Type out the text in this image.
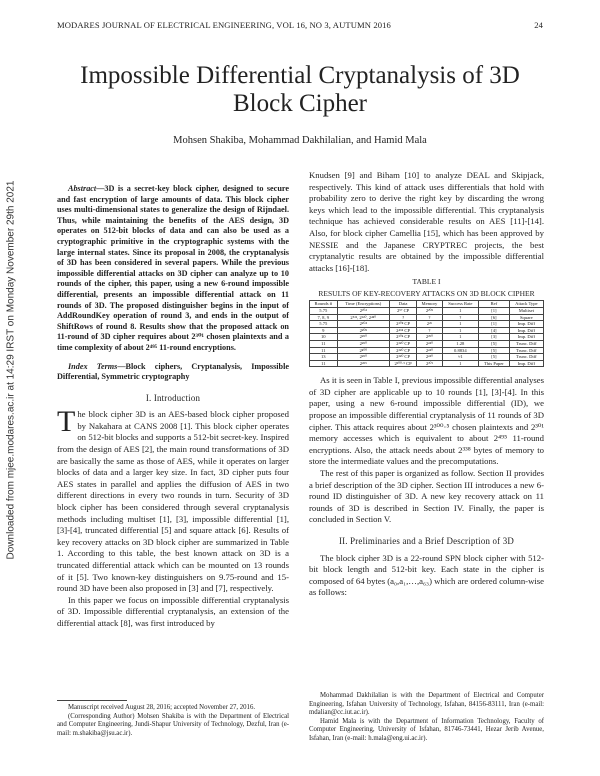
MODARES JOURNAL OF ELECTRICAL ENGINEERING, VOL 16, NO 3, AUTUMN 2016	24
Downloaded from mjee.modares.ac.ir at 14:29 IRST on Monday November 29th 2021
Impossible Differential Cryptanalysis of 3D Block Cipher
Mohsen Shakiba, Mohammad Dakhilalian, and Hamid Mala

Abstract—3D is a secret-key block cipher, designed to secure and fast encryption of large amounts of data. This block cipher uses multi-dimensional states to generalize the design of Rijndael. Thus, while maintaining the benefits of the AES design, 3D operates on 512-bit blocks of data and can also be used as a cryptographic primitive in the cryptographic systems with the large internal states. Since its proposal in 2008, the cryptanalysis of 3D has been considered in several papers. While the previous impossible differential attacks on 3D cipher can analyze up to 10 rounds of the cipher, this paper, using a new 6-round impossible differential, presents an impossible differential attack on 11 rounds of 3D. The proposed distinguisher begins in the input of AddRoundKey operation of round 3, and ends in the output of ShiftRows of round 8. Results show that the proposed attack on 11-round of 3D cipher requires about 2³⁰¹ chosen plaintexts and a time complexity of about 2⁴⁹⁵ 11-round encryptions.

Index Terms—Block ciphers, Cryptanalysis, Impossible Differential, Symmetric cryptography

I. Introduction

The block cipher 3D is an AES-based block cipher proposed by Nakahara at CANS 2008 [1]. This block cipher operates on 512-bit blocks and supports a 512-bit secret-key. Inspired from the design of AES [2], the main round transformations of 3D are basically the same as those of AES, while it operates on larger blocks of data and a larger key size. In fact, 3D cipher puts four AES states in parallel and applies the diffusion of AES in two different directions in every two rounds in turn. Security of 3D block cipher has been considered through several cryptanalysis methods including multiset [1], [3], impossible differential [1], [3]-[4], truncated differential [5] and square attack [6]. Results of key recovery attacks on 3D block cipher are summarized in Table 1. According to this table, the best known attack on 3D is a truncated differential attack which can be mounted on 13 rounds of it [5]. Two known-key distinguishers on 9.75-round and 15-round 3D have been also proposed in [3] and [7], respectively.

In this paper we focus on impossible differential cryptanalysis of 3D. Impossible differential cryptanalysis, an extension of the differential attack [8], was first introduced by

Manuscript received August 28, 2016; accepted November 27, 2016.

(Corresponding Author) Mohsen Shakiba is with the Department of Electrical and Computer Engineering, Jundi-Shapur University of Technology, Dezful, Iran (e-mail: m.shakiba@jsu.ac.ir).

Knudsen [9] and Biham [10] to analyze DEAL and Skipjack, respectively. This kind of attack uses differentials that hold with probability zero to derive the right key by discarding the wrong keys which lead to the impossible differential. This cryptanalysis technique has achieved considerable results on AES [11]-[14]. Also, for block cipher Camellia [15], which has been approved by NESSIE and the Japanese CRYPTREC projects, the best cryptanalytic results are obtained by the impossible differential attacks [16]-[18].

TABLE I
RESULTS OF KEY-RECOVERY ATTACKS ON 3D BLOCK CIPHER
Rounds #	Time (Encryptions)	Data	Memory	Success Rate	Ref	Attack Type
5.75	2³⁰⁴	2⁹⁷ CP	2²⁰⁸	1	[1]	Multiset
7, 8, 9	2⁵³², 2²⁴⁰, 2⁴⁸⁰	?	?	?	[6]	Square
5.75	2⁴⁰⁴	2²⁰⁸ CP	2²⁶	1	[1]	Imp. Diff
9	2⁴⁰⁸	2⁴⁶⁸ CP	?	1	[4]	Imp. Diff
10	2⁴⁹⁰	2³⁰⁴ CP	2³⁹⁰	1	[3]	Imp. Diff
11	2⁴⁹⁰	2²⁴⁰ CP	2²⁴⁰	1.28	[5]	Trunc. Diff
11	2⁴⁰⁰	2²⁴⁰ CP	2²⁴⁰	0.8834	[5]	Trunc. Diff
13	2⁴⁹⁰	2²⁴⁰ CP	2²⁴⁰	≈1	[5]	Trunc. Diff
11	2⁴⁹⁵	2³⁰⁰·⁵ CP	2³⁰¹	1	This Paper	Imp. Diff

As it is seen in Table I, previous impossible differential analyses of 3D cipher are applicable up to 10 rounds [1], [3]-[4]. In this paper, using a new 6-round impossible differential (ID), we propose an impossible differential cryptanalysis of 11 rounds of 3D cipher. This attack requires about 2³⁰⁰·⁵ chosen plaintexts and 2³⁰¹ memory accesses which is equivalent to about 2⁴⁹⁵ 11-round encryptions. Also, the attack needs about 2³³⁸ bytes of memory to store the intermediate values and the precomputations.

The rest of this paper is organized as follow. Section II provides a brief description of the 3D cipher. Section III introduces a new 6-round ID distinguisher of 3D. A new key recovery attack on 11 rounds of 3D is described in Section IV. Finally, the paper is concluded in Section V.

II. Preliminaries and a Brief Description of 3D

The block cipher 3D is a 22-round SPN block cipher with 512-bit block length and 512-bit key. Each state in the cipher is composed of 64 bytes (a₀,a₁,…,a₆₃) which are ordered column-wise as follows:

Mohammad Dakhilalian is with the Department of Electrical and Computer Engineering, Isfahan University of Technology, Isfahan, 84156-83111, Iran (e-mail: mdalian@cc.iut.ac.ir).

Hamid Mala is with the Department of Information Technology, Faculty of Computer Engineering, University of Isfahan, 81746-73441, Hezar Jerib Avenue, Isfahan, Iran (e-mail: h.mala@eng.ui.ac.ir).
